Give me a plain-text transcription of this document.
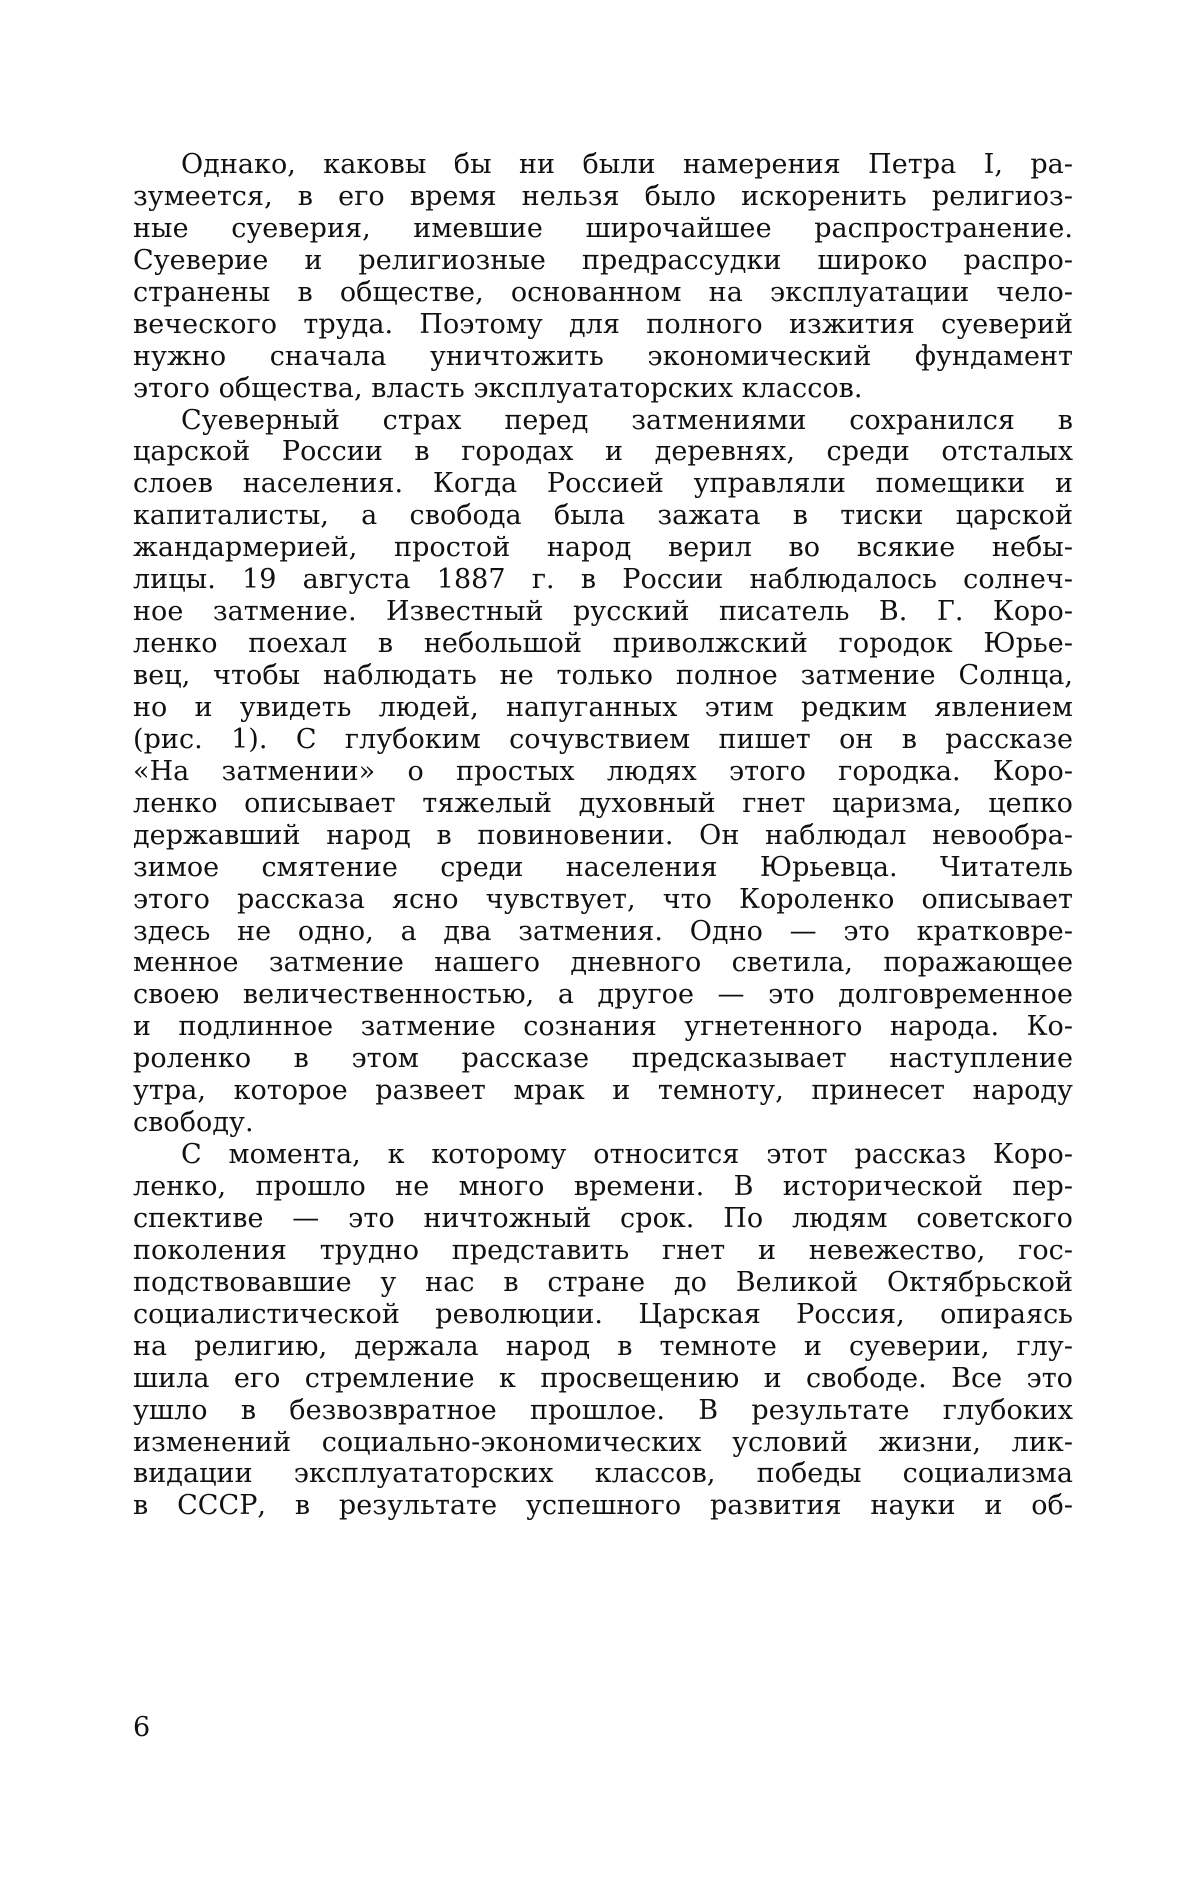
Однако, каковы бы ни были намерения Петра I, ра-
зумеется, в его время нельзя было искоренить религиоз-
ные суеверия, имевшие широчайшее распространение.
Суеверие и религиозные предрассудки широко распро-
странены в обществе, основанном на эксплуатации чело-
веческого труда. Поэтому для полного изжития суеверий
нужно сначала уничтожить экономический фундамент
этого общества, власть эксплуататорских классов.

Суеверный страх перед затмениями сохранился в
царской России в городах и деревнях, среди отсталых
слоев населения. Когда Россией управляли помещики и
капиталисты, а свобода была зажата в тиски царской
жандармерией, простой народ верил во всякие небы-
лицы. 19 августа 1887 г. в России наблюдалось солнеч-
ное затмение. Известный русский писатель В. Г. Коро-
ленко поехал в небольшой приволжский городок Юрье-
вец, чтобы наблюдать не только полное затмение Солнца,
но и увидеть людей, напуганных этим редким явлением
(рис. 1). С глубоким сочувствием пишет он в рассказе
«На затмении» о простых людях этого городка. Коро-
ленко описывает тяжелый духовный гнет царизма, цепко
державший народ в повиновении. Он наблюдал невообра-
зимое смятение среди населения Юрьевца. Читатель
этого рассказа ясно чувствует, что Короленко описывает
здесь не одно, а два затмения. Одно — это кратковре-
менное затмение нашего дневного светила, поражающее
своею величественностью, а другое — это долговременное
и подлинное затмение сознания угнетенного народа. Ко-
роленко в этом рассказе предсказывает наступление
утра, которое развеет мрак и темноту, принесет народу
свободу.

С момента, к которому относится этот рассказ Коро-
ленко, прошло не много времени. В исторической пер-
спективе — это ничтожный срок. По людям советского
поколения трудно представить гнет и невежество, гос-
подствовавшие у нас в стране до Великой Октябрьской
социалистической революции. Царская Россия, опираясь
на религию, держала народ в темноте и суеверии, глу-
шила его стремление к просвещению и свободе. Все это
ушло в безвозвратное прошлое. В результате глубоких
изменений социально-экономических условий жизни, лик-
видации эксплуататорских классов, победы социализма
в СССР, в результате успешного развития науки и об-

6
